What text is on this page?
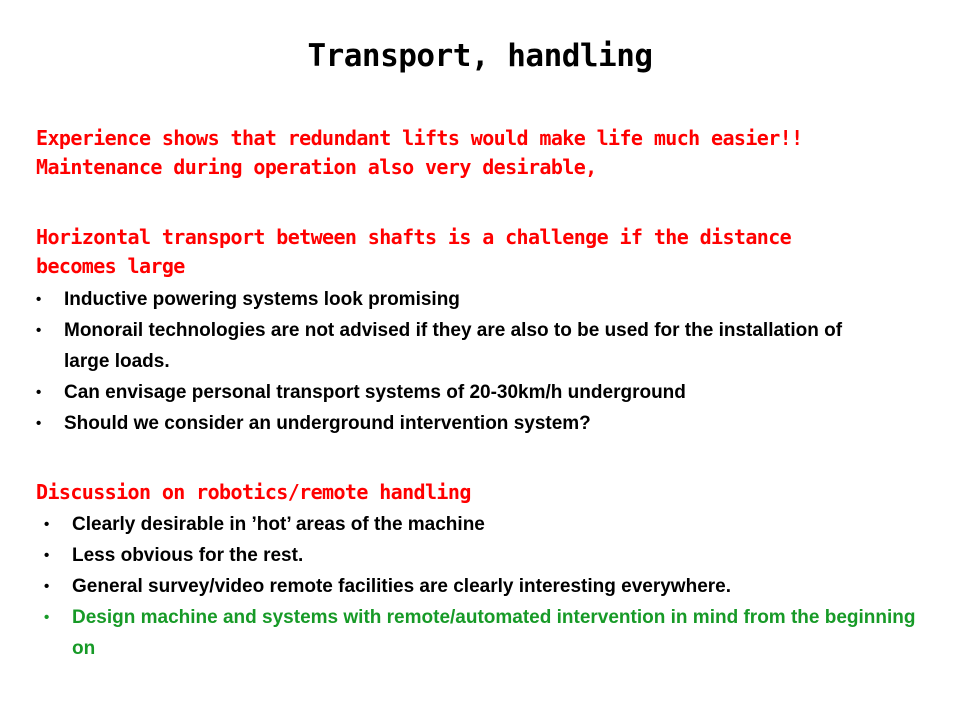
Transport, handling

Experience shows that redundant lifts would make life much easier!!
Maintenance during operation also very desirable,

Horizontal transport between shafts is a challenge if the distance
becomes large

• Inductive powering systems look promising
• Monorail technologies are not advised if they are also to be used for the installation of large loads.
• Can envisage personal transport systems of 20-30km/h underground
• Should we consider an underground intervention system?

Discussion on robotics/remote handling

• Clearly desirable in ’hot’ areas of the machine
• Less obvious for the rest.
• General survey/video remote facilities are clearly interesting everywhere.
• Design machine and systems with remote/automated intervention in mind from the beginning on
